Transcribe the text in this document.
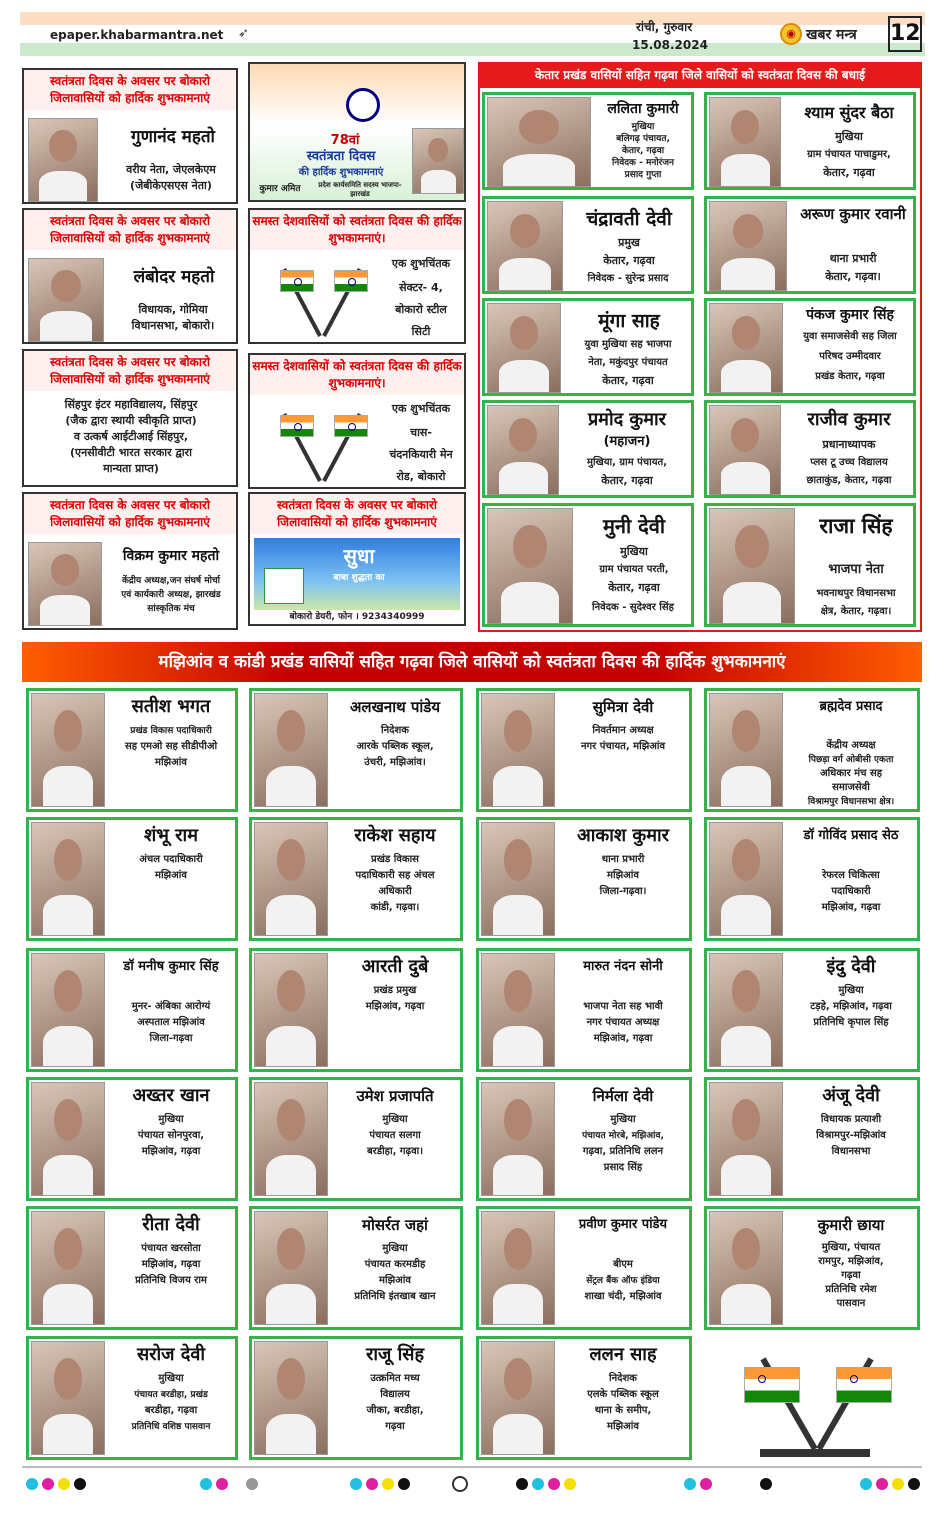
epaper.khabarmantra.net ➶	रांची, गुरुवार
15.08.2024
◉ खबर मन्त्र 12
स्वतंत्रता दिवस के अवसर पर बोकारो जिलावासियों को हार्दिक शुभकामनाएं
गुणानंद महतो
वरीय नेता, जेएलकेएम
(जेबीकेएसएस नेता)
स्वतंत्रता दिवस के अवसर पर बोकारो जिलावासियों को हार्दिक शुभकामनाएं
लंबोदर महतो
विधायक, गोमिया
विधानसभा, बोकारो।
स्वतंत्रता दिवस के अवसर पर बोकारो जिलावासियों को हार्दिक शुभकामनाएं
सिंहपुर इंटर महाविद्यालय, सिंहपुर
(जैक द्वारा स्थायी स्वीकृति प्राप्त)
व उत्कर्ष आईटीआई सिंहपुर,
(एनसीवीटी भारत सरकार द्वारा
मान्यता प्राप्त)
स्वतंत्रता दिवस के अवसर पर बोकारो जिलावासियों को हार्दिक शुभकामनाएं
विक्रम कुमार महतो
केंद्रीय अध्यक्ष,जन संघर्ष मोर्चा
एवं कार्यकारी अध्यक्ष, झारखंड
सांस्कृतिक मंच
78वां
स्वतंत्रता दिवस
की हार्दिक शुभकामनाएं
कुमार अमित	प्रदेश कार्यसमिति सदस्य भाजपा-झारखंड
समस्त देशवासियों को स्वतंत्रता दिवस की हार्दिक शुभकामनाएं।
एक शुभचिंतक
सेक्टर- 4,
बोकारो स्टील
सिटी
समस्त देशवासियों को स्वतंत्रता दिवस की हार्दिक शुभकामनाएं।
एक शुभचिंतक
चास-
चंदनकियारी मेन
रोड, बोकारो
स्वतंत्रता दिवस के अवसर पर बोकारो जिलावासियों को हार्दिक शुभकामनाएं
सुधा
बाबा शुद्धता का
बोकारो डेयरी, फोन । 9234340999
केतार प्रखंड वासियों सहित गढ़वा जिले वासियों को स्वतंत्रता दिवस की बधाई
ललिता कुमारी
मुखिया
बलिगढ़ पंचायत,
केतार, गढ़वा
निवेदक - मनोरंजन
प्रसाद गुप्ता
श्याम सुंदर बैठा
मुखिया
ग्राम पंचायत पाचाडुमर,
केतार, गढ़वा
चंद्रावती देवी
प्रमुख
केतार, गढ़वा
निवेदक - सुरेन्द्र प्रसाद
अरूण कुमार रवानी
थाना प्रभारी
केतार, गढ़वा।
मूंगा साह
युवा मुखिया सह भाजपा
नेता, मकुंदपुर पंचायत
केतार, गढ़वा
पंकज कुमार सिंह
युवा समाजसेवी सह जिला
परिषद उम्मीदवार
प्रखंड केतार, गढ़वा
प्रमोद कुमार
(महाजन)
मुखिया, ग्राम पंचायत,
केतार, गढ़वा
राजीव कुमार
प्रधानाध्यापक
प्लस टू उच्च विद्यालय
छाताकुंड, केतार, गढ़वा
मुनी देवी
मुखिया
ग्राम पंचायत परती,
केतार, गढ़वा
निवेदक - सुदेश्वर सिंह
राजा सिंह
भाजपा नेता
भवनाथपुर विधानसभा
क्षेत्र, केतार, गढ़वा।
मझिआंव व कांडी प्रखंड वासियों सहित गढ़वा जिले वासियों को स्वतंत्रता दिवस की हार्दिक शुभकामनाएं
सतीश भगत
प्रखंड विकास पदाधिकारी
सह एमओ सह सीडीपीओ
मझिआंव
अलखनाथ पांडेय
निदेशक
आरके पब्लिक स्कूल,
उंचरी, मझिआंव।
सुमित्रा देवी
निवर्तमान अध्यक्ष
नगर पंचायत, मझिआंव
ब्रह्मदेव प्रसाद
केंद्रीय अध्यक्ष
पिछड़ा वर्ग ओबीसी एकता
अधिकार मंच सह
समाजसेवी
विश्रामपुर विधानसभा क्षेत्र।
शंभू राम
अंचल पदाधिकारी
मझिआंव
राकेश सहाय
प्रखंड विकास
पदाधिकारी सह अंचल
अधिकारी
कांडी, गढ़वा।
आकाश कुमार
थाना प्रभारी
मझिआंव
जिला-गढ़वा।
डॉ गोविंद प्रसाद सेठ
रेफरल चिकित्सा
पदाधिकारी
मझिआंव, गढ़वा
डॉ मनीष कुमार सिंह
मुनर- अंबिका आरोग्यं
अस्पताल मझिआंव
जिला-गढ़वा
आरती दुबे
प्रखंड प्रमुख
मझिआंव, गढ़वा
मारुत नंदन सोनी
भाजपा नेता सह भावी
नगर पंचायत अध्यक्ष
मझिआंव, गढ़वा
इंदु देवी
मुखिया
टड़हे, मझिआंव, गढ़वा
प्रतिनिधि कृपाल सिंह
अख्तर खान
मुखिया
पंचायत सोनपुरवा,
मझिआंव, गढ़वा
उमेश प्रजापति
मुखिया
पंचायत सलगा
बरडीहा, गढ़वा।
निर्मला देवी
मुखिया
पंचायत मोरबे, मझिआंव,
गढ़वा, प्रतिनिधि ललन
प्रसाद सिंह
अंजू देवी
विधायक प्रत्याशी
विश्रामपुर-मझिआंव
विधानसभा
रीता देवी
पंचायत खरसोता
मझिआंव, गढ़वा
प्रतिनिधि विजय राम
मोसर्रत जहां
मुखिया
पंचायत करमडीह
मझिआंव
प्रतिनिधि इंतखाब खान
प्रवीण कुमार पांडेय
बीएम
सेंट्रल बैंक ऑफ इंडिया
शाखा चंदी, मझिआंव
कुमारी छाया
मुखिया, पंचायत
रामपुर, मझिआंव,
गढ़वा
प्रतिनिधि रमेश
पासवान
सरोज देवी
मुखिया
पंचायत बरडीहा, प्रखंड
बरडीहा, गढ़वा
प्रतिनिधि वशिष्ठ पासवान
राजू सिंह
उत्क्रमित मध्य
विद्यालय
जीका, बरडीहा,
गढ़वा
ललन साह
निदेशक
एलके पब्लिक स्कूल
थाना के समीप,
मझिआंव
